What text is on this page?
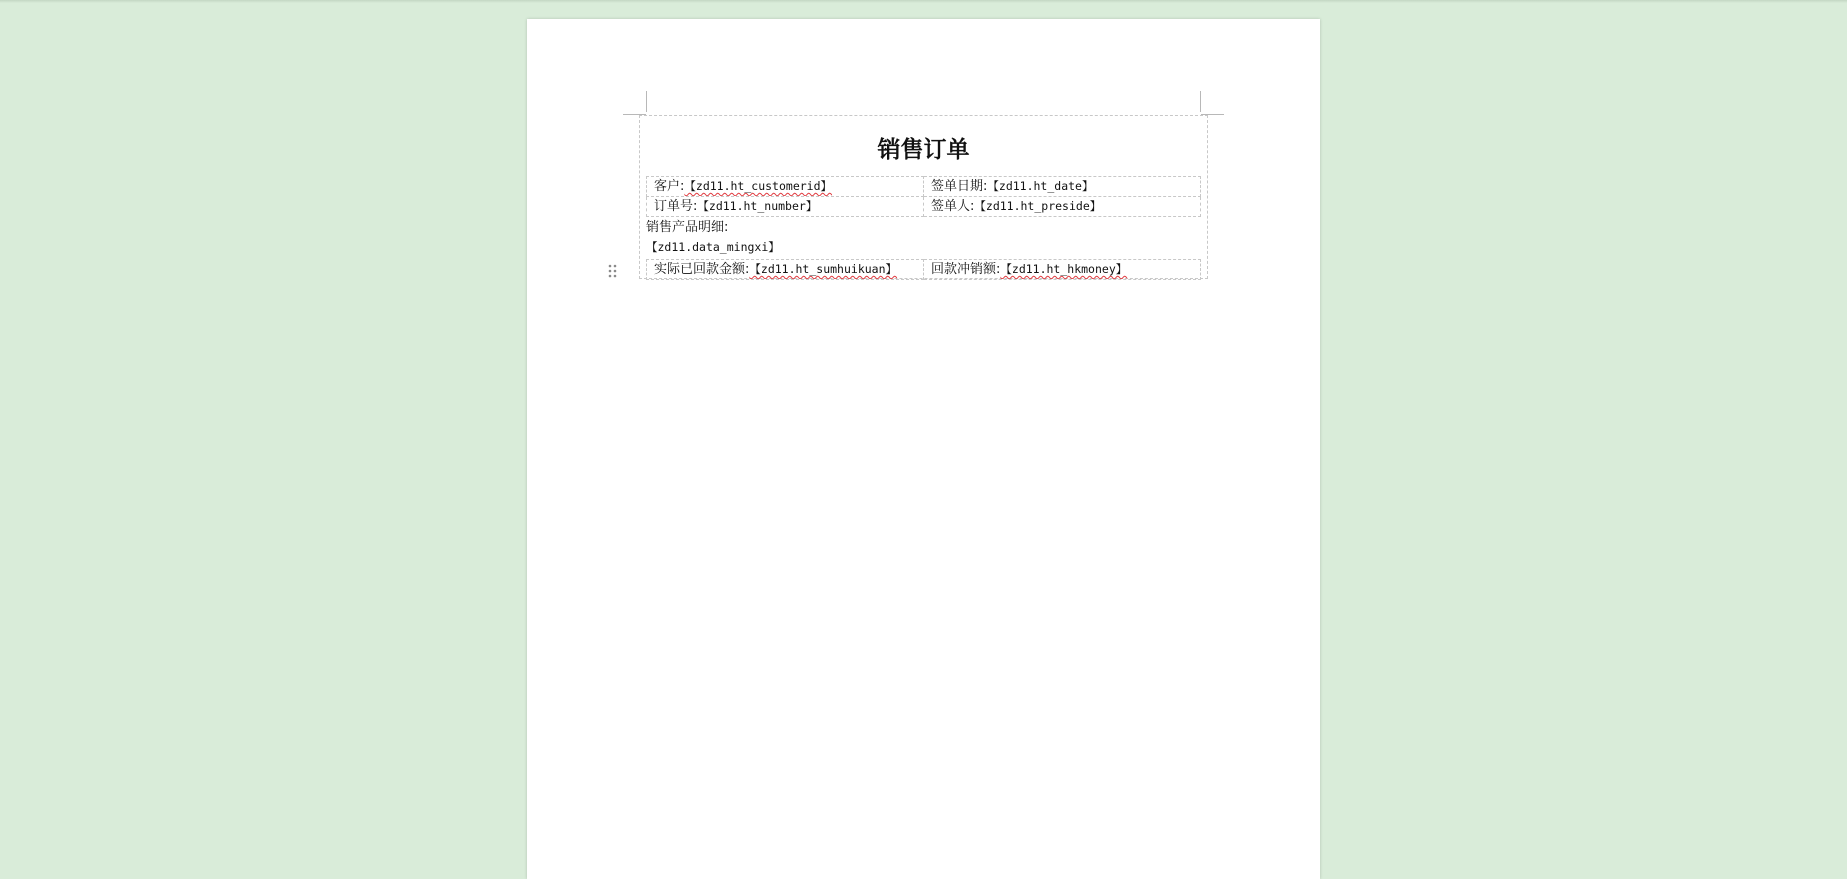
销售订单
客户:【zd11.ht_customerid】	签单日期:【zd11.ht_date】
订单号:【zd11.ht_number】	签单人:【zd11.ht_preside】

销售产品明细:

【zd11.data_mingxi】

实际已回款金额:【zd11.ht_sumhuikuan】	回款冲销额:【zd11.ht_hkmoney】
